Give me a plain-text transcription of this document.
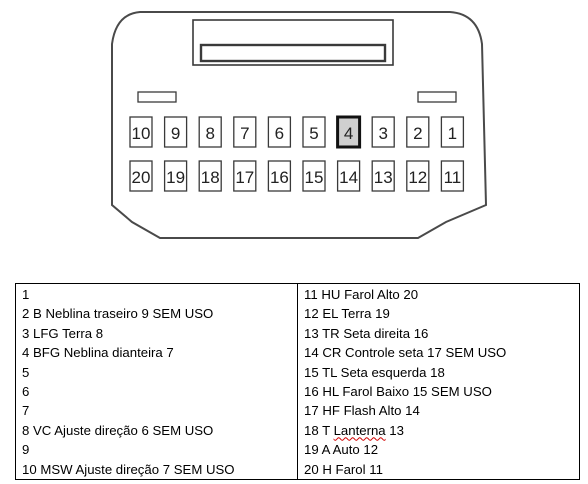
10 9 8 7 6 5 4 3 2 1
20 19 18 17 16 15 14 13 12 11
1
2 B Neblina traseiro 9 SEM USO
3 LFG Terra 8
4 BFG Neblina dianteira 7
5
6
7
8 VC Ajuste direção 6 SEM USO
9
10 MSW Ajuste direção 7 SEM USO

11 HU Farol Alto 20
12 EL Terra 19
13 TR Seta direita 16
14 CR Controle seta 17 SEM USO
15 TL Seta esquerda 18
16 HL Farol Baixo 15 SEM USO
17 HF Flash Alto 14
18 T Lanterna 13
19 A Auto 12
20 H Farol 11
